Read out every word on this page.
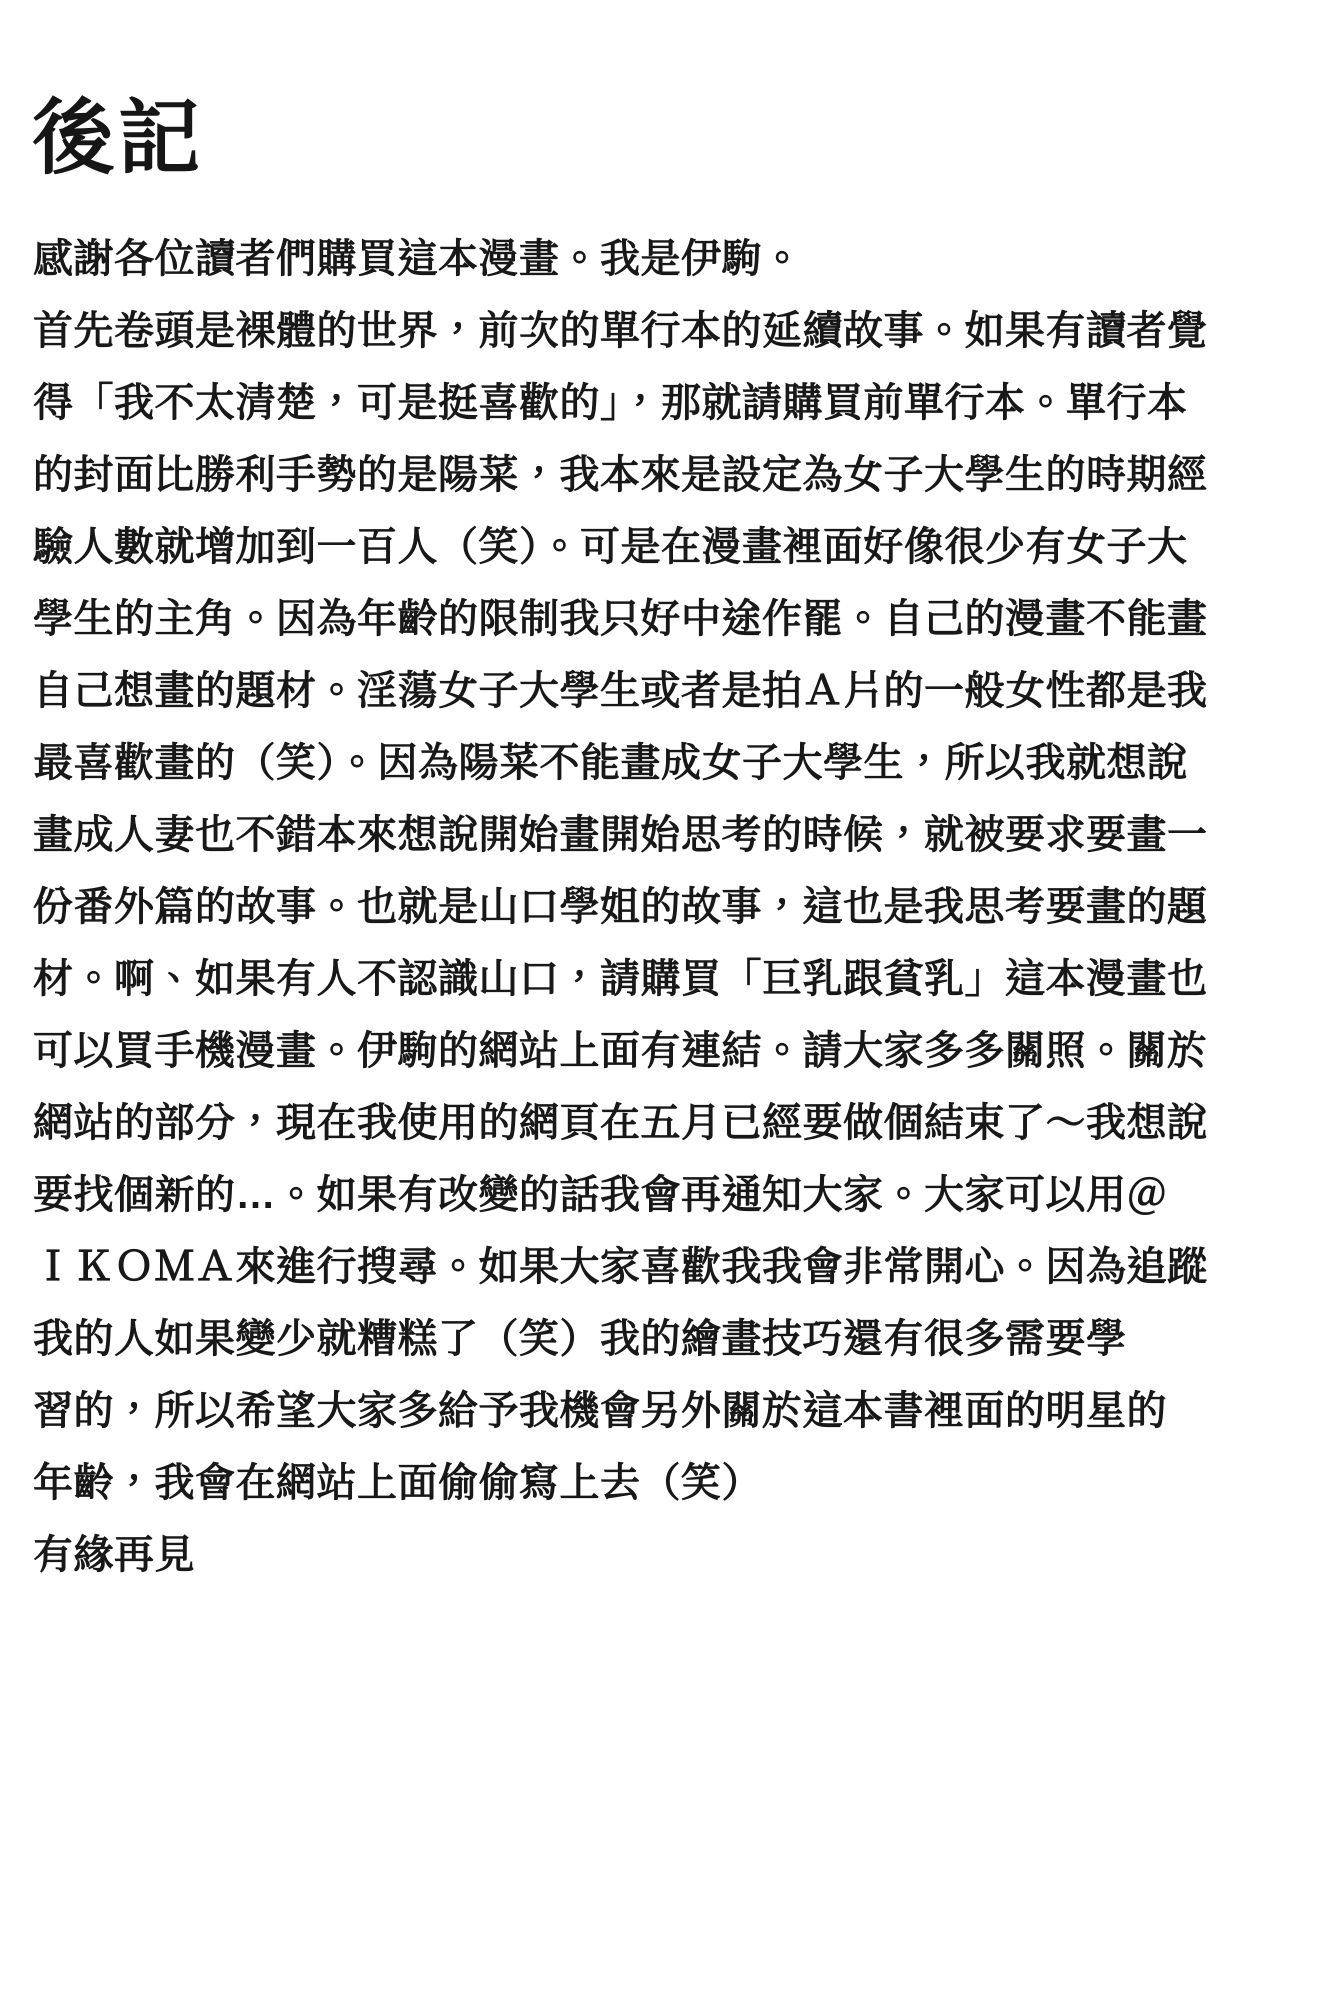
後記
感謝各位讀者們購買這本漫畫。我是伊駒。
首先卷頭是裸體的世界，前次的單行本的延續故事。如果有讀者覺
得「我不太清楚，可是挺喜歡的」，那就請購買前單行本。單行本
的封面比勝利手勢的是陽菜，我本來是設定為女子大學生的時期經
驗人數就增加到一百人（笑）。可是在漫畫裡面好像很少有女子大
學生的主角。因為年齡的限制我只好中途作罷。自己的漫畫不能畫
自己想畫的題材。淫蕩女子大學生或者是拍Ａ片的一般女性都是我
最喜歡畫的（笑）。因為陽菜不能畫成女子大學生，所以我就想說
畫成人妻也不錯本來想說開始畫開始思考的時候，就被要求要畫一
份番外篇的故事。也就是山口學姐的故事，這也是我思考要畫的題
材。啊、如果有人不認識山口，請購買「巨乳跟貧乳」這本漫畫也
可以買手機漫畫。伊駒的網站上面有連結。請大家多多關照。關於
網站的部分，現在我使用的網頁在五月已經要做個結束了～我想說
要找個新的…。如果有改變的話我會再通知大家。大家可以用＠
ＩＫＯＭＡ來進行搜尋。如果大家喜歡我我會非常開心。因為追蹤
我的人如果變少就糟糕了（笑）我的繪畫技巧還有很多需要學
習的，所以希望大家多給予我機會另外關於這本書裡面的明星的
年齡，我會在網站上面偷偷寫上去（笑）
有緣再見
